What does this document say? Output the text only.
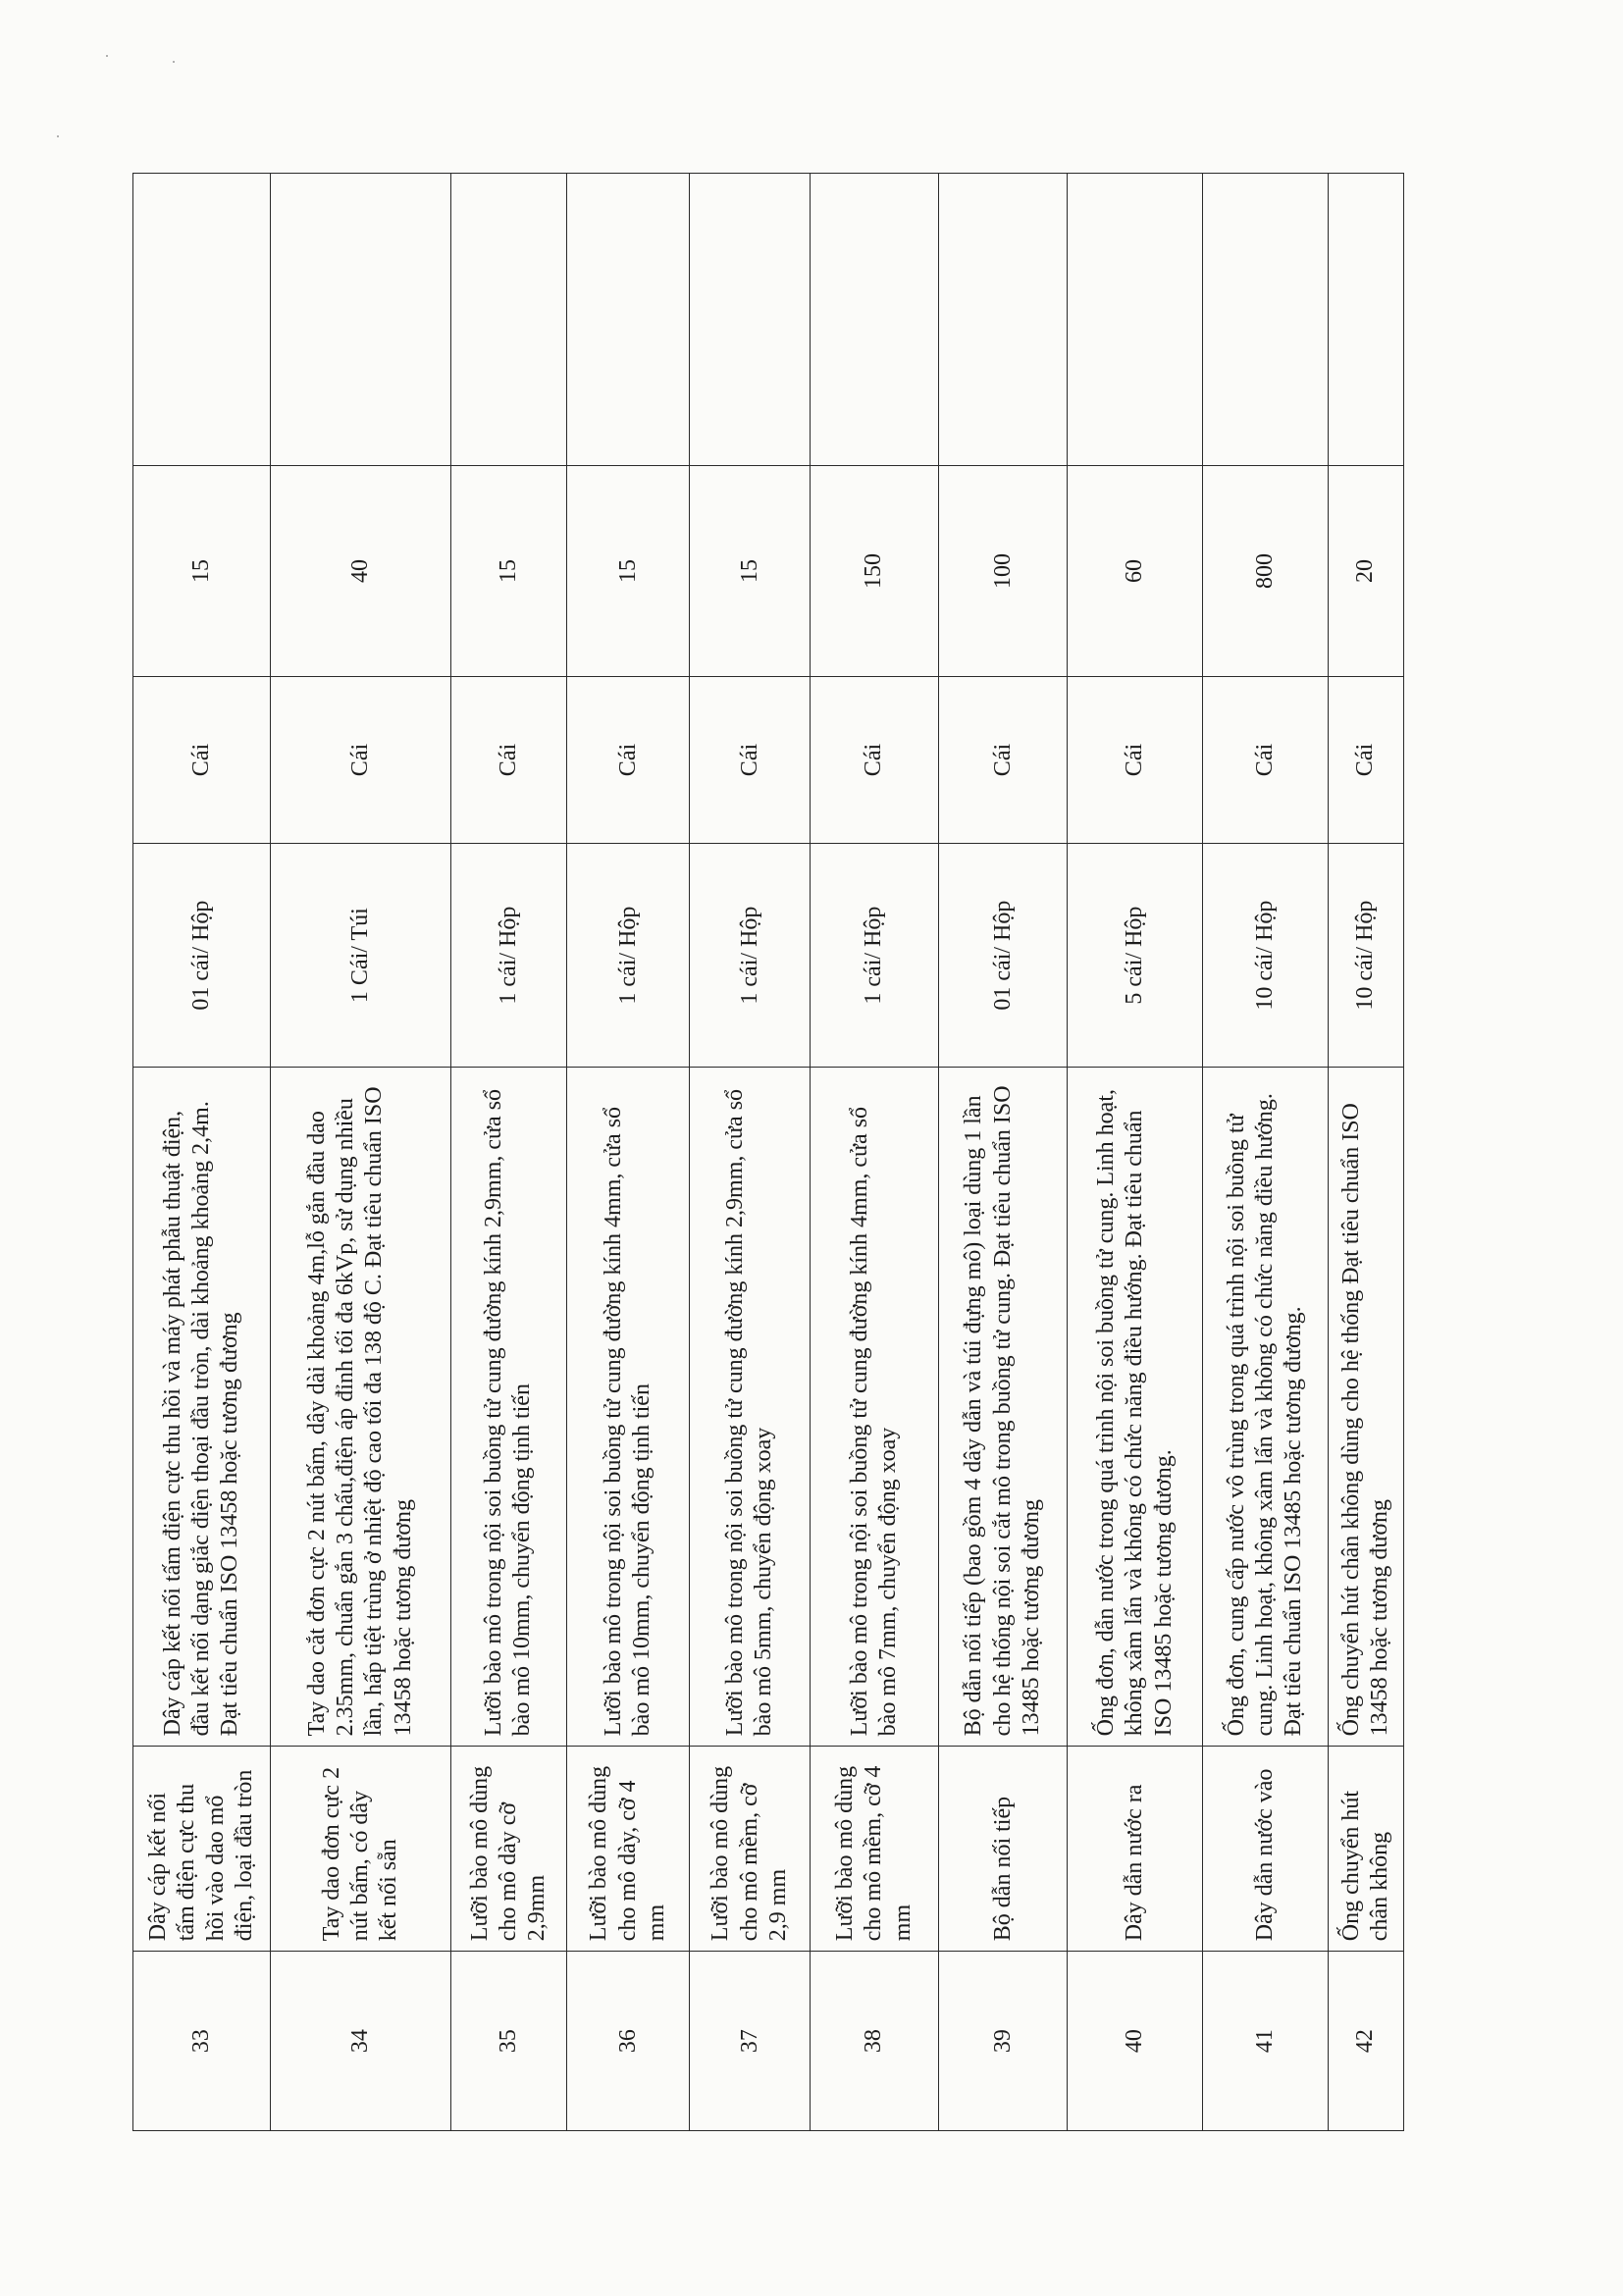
33	Dây cáp kết nối tấm điện cực thu hồi vào dao mổ điện, loại đầu tròn	Dây cáp kết nối tấm điện cực thu hồi và máy phát phẫu thuật điện, đầu kết nối dạng giắc điện thoại đầu tròn, dài khoảng khoảng 2,4m. Đạt tiêu chuẩn ISO 13458 hoặc tương đương	01 cái/ Hộp	Cái	15	
34	Tay dao đơn cực 2 nút bấm, có dây kết nối sẵn	Tay dao cắt đơn cực 2 nút bấm, dây dài khoảng 4m,lỗ gắn đầu dao 2.35mm, chuẩn gắn 3 chấu,điện áp đỉnh tối đa 6kVp, sử dụng nhiều lần, hấp tiệt trùng ở nhiệt độ cao tối đa 138 độ C. Đạt tiêu chuẩn ISO 13458 hoặc tương đương	1 Cái/ Túi	Cái	40	
35	Lưỡi bào mô dùng cho mô dày cỡ 2,9mm	Lưỡi bào mô trong nội soi buồng tử cung đường kính 2,9mm, cửa sổ bào mô 10mm, chuyển động tịnh tiến	1 cái/ Hộp	Cái	15	
36	Lưỡi bào mô dùng cho mô dày, cỡ 4 mm	Lưỡi bào mô trong nội soi buồng tử cung đường kính 4mm, cửa sổ bào mô 10mm, chuyển động tịnh tiến	1 cái/ Hộp	Cái	15	
37	Lưỡi bào mô dùng cho mô mềm, cỡ 2,9 mm	Lưỡi bào mô trong nội soi buồng tử cung đường kính 2,9mm, cửa sổ bào mô 5mm, chuyển động xoay	1 cái/ Hộp	Cái	15	
38	Lưỡi bào mô dùng cho mô mềm, cỡ 4 mm	Lưỡi bào mô trong nội soi buồng tử cung đường kính 4mm, cửa sổ bào mô 7mm, chuyển động xoay	1 cái/ Hộp	Cái	150	
39	Bộ dẫn nối tiếp	Bộ dẫn nối tiếp (bao gồm 4 dây dẫn và túi đựng mô) loại dùng 1 lần cho hệ thống nội soi cắt mô trong buồng tử cung. Đạt tiêu chuẩn ISO 13485 hoặc tương đương	01 cái/ Hộp	Cái	100	
40	Dây dẫn nước ra	Ống đơn, dẫn nước trong quá trình nội soi buồng tử cung. Linh hoạt, không xâm lấn và không có chức năng điều hướng. Đạt tiêu chuẩn ISO 13485 hoặc tương đương.	5 cái/ Hộp	Cái	60	
41	Dây dẫn nước vào	Ống đơn, cung cấp nước vô trùng trong quá trình nội soi buồng tử cung. Linh hoạt, không xâm lấn và không có chức năng điều hướng. Đạt tiêu chuẩn ISO 13485 hoặc tương đương.	10 cái/ Hộp	Cái	800	
42	Ống chuyển hút chân không	Ống chuyển hút chân không dùng cho hệ thống Đạt tiêu chuẩn ISO 13458 hoặc tương đương	10 cái/ Hộp	Cái	20	
